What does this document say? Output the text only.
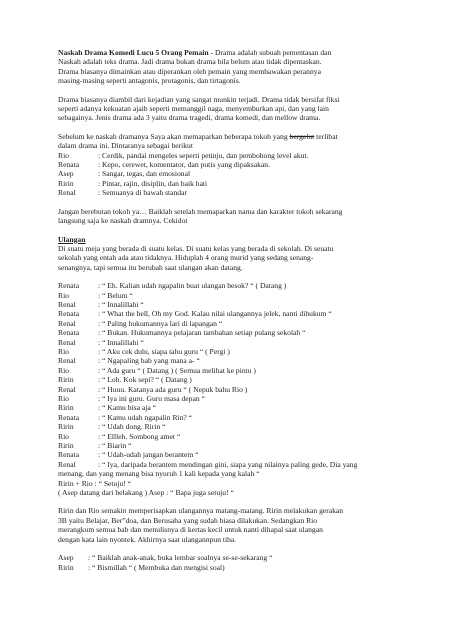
Naskah Drama Komedi Lucu 5 Orang Pemain - Drama adalah subuah pementasan dan
Naskah adalah teks drama. Jadi drama bukan drama bila belum atau tidak dipentaskan.
Drama biasanya dimainkan atau diperankan oleh pemain yang membawakan perannya
masing-masing seperti antagonis, protagonis, dan tirtagonis.

Drama biasanya diambil dari kejadian yang sangat munkin terjadi. Drama tidak bersifat fiksi
seperti adanya kekuatan ajaib seperti memanggil naga, menyemburkan api, dan yang lain
sebagainya. Jenis drama ada 3 yaitu drama tragedi, drama komedi, dan mellow drama.

Sebelum ke naskah dramanya Saya akan memaparkan beberapa tokoh yang bergelut terlibat
dalam drama ini. Dintaranya sebagai berikut

Rio	: Cerdik, pandai mengeles seperti petinju, dan pembohong level akut.
Renata	: Kepo, cerewet, komentator, dan putis yang dipaksakan.
Asep	: Sangar, tegas, dan emosional
Ririn	: Pintar, rajin, disiplin, dan baik hati
Renal	: Semuanya di bawah standar

Jangan berebutan tokoh ya… Baiklah setelah memaparkan nama dan karakter tokoh sekarang
langsung saja ke naskah dramnya. Cekidot

Ulangan

Di suatu meja yang berada di suatu kelas. Di suatu kelas yang berada di sekolah. Di seuatu
sekolah yang entah ada atau tidaknya. Hiduplah 4 orang murid yang sedang senang-
senangnya, tapi semua itu berubah saat ulangan akan datang.

Renata	: “ Eh. Kalian udah ngapalin buat ulangan besok? “ ( Datang )
Rio	: “ Belum “
Renal	: “ Innalillahi “
Renata	: “ What the hell, Oh my God. Kalau nilai ulangannya jelek, nanti dihukum “
Renal	: “ Paling hukumannya lari di lapangan “
Renata	: “ Bukan. Hukumannya pelajaran tambahan setiap pulang sekolah “
Renal	: “ Innalillahi “
Rio	: “ Aku cek dulu, siapa tahu guru “ ( Pergi )
Renal	: “ Ngapaling bab yang mana a- “
Rio	: “ Ada guru “ ( Datang ) ( Semua melihat ke pintu )
Ririn	: “ Loh. Kok sepi? “ ( Datang )
Renal	: “ Huuu. Katanya ada guru “ ( Nepuk bahu Rio )
Rio	: “ Iya ini guru. Guru masa depan “
Ririn	: “ Kamu bisa aja “
Renata	: “ Kamu udah ngapalin Rin? “
Ririn	: “ Udah dong. Ririn “
Rio	: “ Ellleh. Sombong amet “
Ririn	: “ Biarin “
Renata	: “ Udah-udah jangan berantem “
Renal	: “ Iya, daripada berantem mendingan gini, siapa yang nilainya paling gede, Dia yang
menang, dan yang menang bisa nyuruh 1 kali kepada yang kalah “
Ririn + Rio : “ Setuju! “
( Asep datang dari belakang ) Asep : “ Bapa juga setuju! “

Ririn dan Rio semakin memperisapkan ulangannya matang-matang. Ririn melakukan gerakan
3B yaitu Belajar, Ber”doa, dan Berusaha yang sudah biasa dilakukan. Sedangkan Rio
merangkum semua bab dan menulisnya di kertas kecil untuk nanti dihapal saat ulangan
dengan kata lain nyontek. Akhirnya saat ulangannpun tiba.

Asep	: “ Baiklah anak-anak, buka lembar soalnya se-se-sekarang “
Ririn	: “ Bismillah “ ( Membuka dan mengisi soal)
